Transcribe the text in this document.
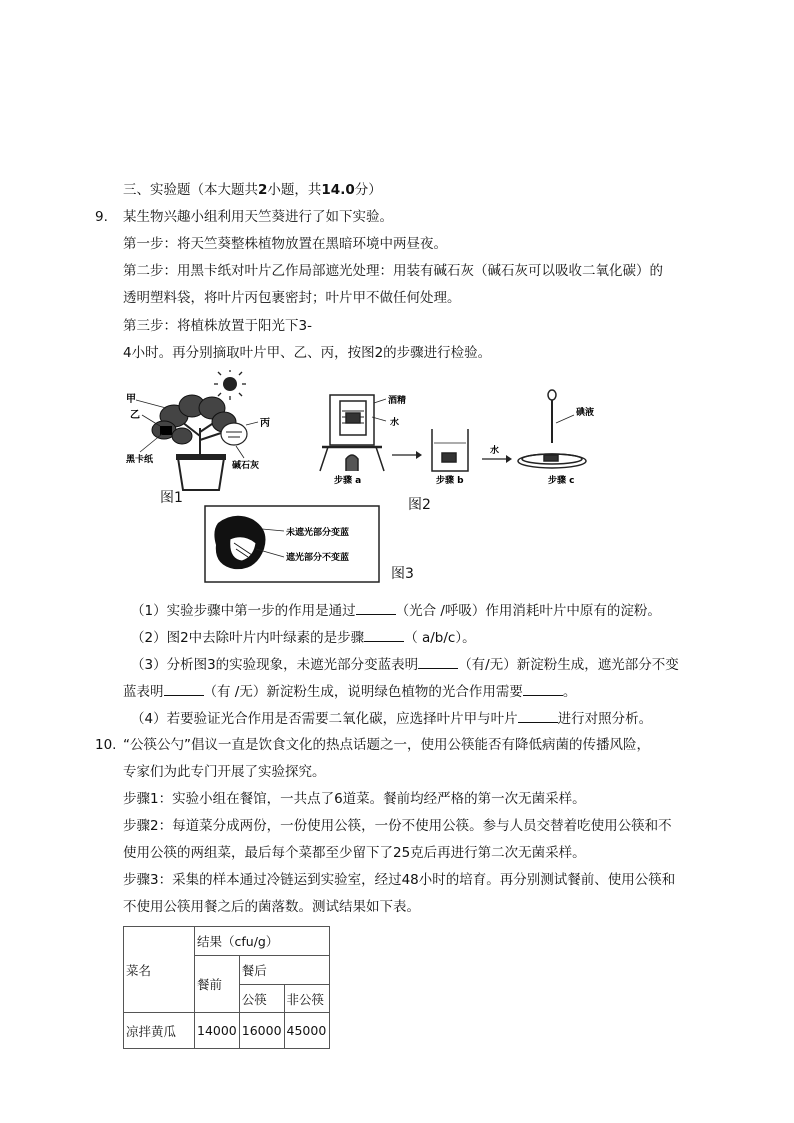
三、实验题（本大题共2小题，共14.0分）
9. 某生物兴趣小组利用天竺葵进行了如下实验。
第一步：将天竺葵整株植物放置在黑暗环境中两昼夜。
第二步：用黑卡纸对叶片乙作局部遮光处理：用装有碱石灰（碱石灰可以吸收二氧化碳）的
透明塑料袋，将叶片丙包裹密封；叶片甲不做任何处理。
第三步：将植株放置于阳光下3-
4小时。再分别摘取叶片甲、乙、丙，按图2的步骤进行检验。
甲
乙
丙
黑卡纸
碱石灰
图1
酒精
水
步骤 a	步骤 b
水
碘液
步骤 c
图2
未遮光部分变蓝
遮光部分不变蓝
图3
（1）实验步骤中第一步的作用是通过	（光合 /呼吸）作用消耗叶片中原有的淀粉。
（2）图2中去除叶片内叶绿素的是步骤	（ a/b/c）。
（3）分析图3的实验现象，未遮光部分变蓝表明	（有/无）新淀粉生成，遮光部分不变
蓝表明	（有 /无）新淀粉生成，说明绿色植物的光合作用需要	。
（4）若要验证光合作用是否需要二氧化碳，应选择叶片甲与叶片	进行对照分析。
10. “公筷公勺”倡议一直是饮食文化的热点话题之一，使用公筷能否有降低病菌的传播风险，
专家们为此专门开展了实验探究。
步骤1：实验小组在餐馆，一共点了6道菜。餐前均经严格的第一次无菌采样。
步骤2：每道菜分成两份，一份使用公筷，一份不使用公筷。参与人员交替着吃使用公筷和不
使用公筷的两组菜，最后每个菜都至少留下了25克后再进行第二次无菌采样。
步骤3：采集的样本通过冷链运到实验室，经过48小时的培育。再分别测试餐前、使用公筷和
不使用公筷用餐之后的菌落数。测试结果如下表。
菜名	结果（cfu/g）		
	餐前	餐后	
		公筷	非公筷
凉拌黄瓜	14000	16000	45000
